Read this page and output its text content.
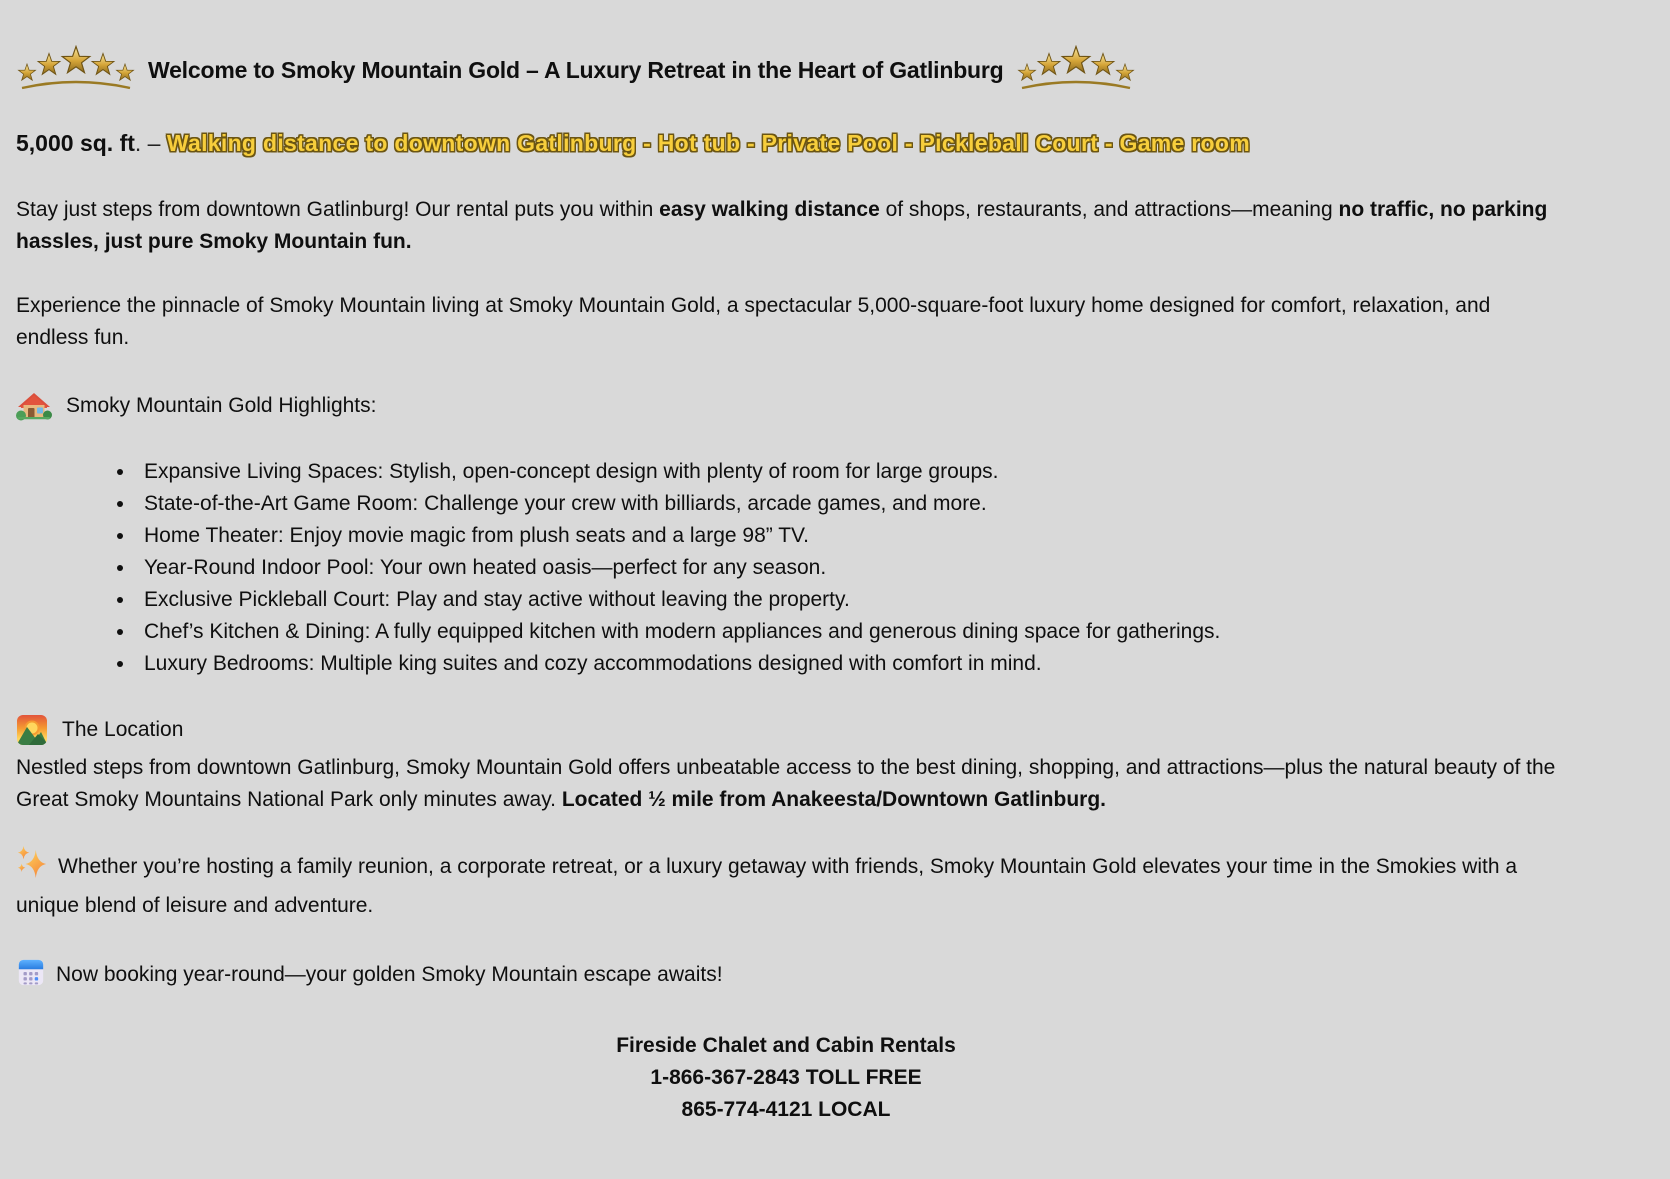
Welcome to Smoky Mountain Gold – A Luxury Retreat in the Heart of Gatlinburg
5,000 sq. ft. – Walking distance to downtown Gatlinburg - Hot tub - Private Pool - Pickleball Court - Game room

Stay just steps from downtown Gatlinburg! Our rental puts you within easy walking distance of shops, restaurants, and attractions—meaning no traffic, no parking hassles, just pure Smoky Mountain fun.

Experience the pinnacle of Smoky Mountain living at Smoky Mountain Gold, a spectacular 5,000-square-foot luxury home designed for comfort, relaxation, and endless fun.

Smoky Mountain Gold Highlights:
• Expansive Living Spaces: Stylish, open-concept design with plenty of room for large groups.
• State-of-the-Art Game Room: Challenge your crew with billiards, arcade games, and more.
• Home Theater: Enjoy movie magic from plush seats and a large 98” TV.
• Year-Round Indoor Pool: Your own heated oasis—perfect for any season.
• Exclusive Pickleball Court: Play and stay active without leaving the property.
• Chef’s Kitchen & Dining: A fully equipped kitchen with modern appliances and generous dining space for gatherings.
• Luxury Bedrooms: Multiple king suites and cozy accommodations designed with comfort in mind.
The Location

Nestled steps from downtown Gatlinburg, Smoky Mountain Gold offers unbeatable access to the best dining, shopping, and attractions—plus the natural beauty of the Great Smoky Mountains National Park only minutes away. Located ½ mile from Anakeesta/Downtown Gatlinburg.

Whether you’re hosting a family reunion, a corporate retreat, or a luxury getaway with friends, Smoky Mountain Gold elevates your time in the Smokies with a unique blend of leisure and adventure.

Now booking year-round—your golden Smoky Mountain escape awaits!

Fireside Chalet and Cabin Rentals
1-866-367-2843 TOLL FREE
865-774-4121 LOCAL
